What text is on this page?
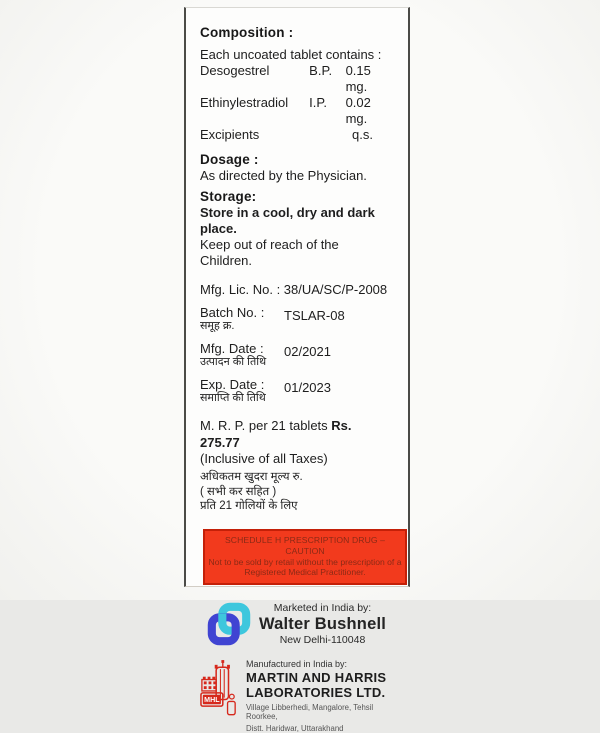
Composition :
Each uncoated tablet contains :
Desogestrel	B.P.	0.15 mg.
Ethinylestradiol	I.P.	0.02 mg.
Excipients	q.s.
Dosage :
As directed by the Physician.
Storage:
Store in a cool, dry and dark place.
Keep out of reach of the Children.
Mfg. Lic. No. : 38/UA/SC/P-2008
Batch No. :
समूह क्र.
TSLAR-08
Mfg. Date :
उत्पादन की तिथि
02/2021
Exp. Date :
समाप्ति की तिथि
01/2023
M. R. P. per 21 tablets Rs. 275.77
(Inclusive of all Taxes)
अधिकतम खुदरा मूल्य रु.
( सभी कर सहित )
प्रति 21 गोलियों के लिए
SCHEDULE H PRESCRIPTION DRUG – CAUTION
Not to be sold by retail without the prescription of a
Registered Medical Practitioner.
Marketed in India by:
Walter Bushnell
New Delhi-110048
MHL
Manufactured in India by:
MARTIN AND HARRIS
LABORATORIES LTD.
Village Libberhedi, Mangalore, Tehsil Roorkee,
Distt. Haridwar, Uttarakhand
